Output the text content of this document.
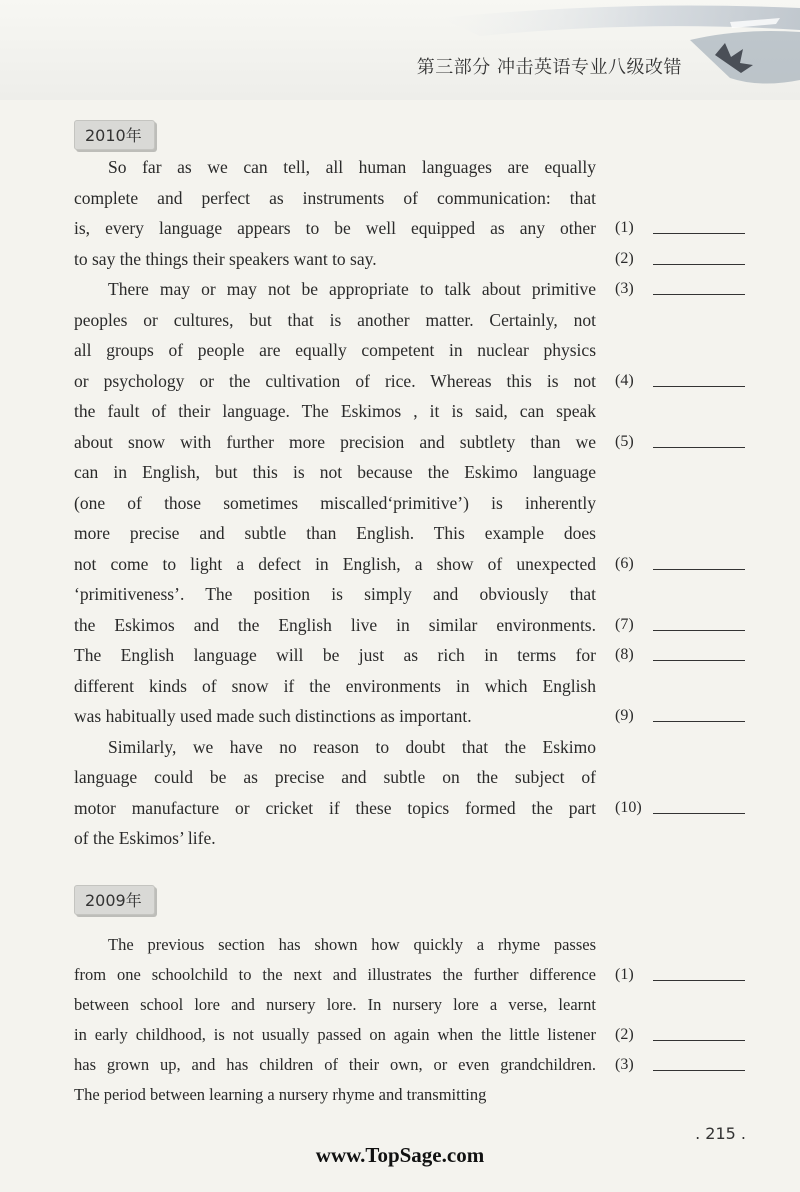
第三部分 冲击英语专业八级改错
2010年
So far as we can tell, all human languages are equally
complete and perfect as instruments of communication: that
is, every language appears to be well equipped as any other (1)
to say the things their speakers want to say.	(2)
There may or may not be appropriate to talk about primitive (3)
peoples or cultures, but that is another matter. Certainly, not
all groups of people are equally competent in nuclear physics
or psychology or the cultivation of rice. Whereas this is not (4)
the fault of their language. The Eskimos , it is said, can speak
about snow with further more precision and subtlety than we (5)
can in English, but this is not because the Eskimo language
(one of those sometimes miscalled‘primitive’) is inherently
more precise and subtle than English. This example does
not come to light a defect in English, a show of unexpected (6)
‘primitiveness’. The position is simply and obviously that
the Eskimos and the English live in similar environments. (7)
The English language will be just as rich in terms for (8)
different kinds of snow if the environments in which English
was habitually used made such distinctions as important.	(9)
Similarly, we have no reason to doubt that the Eskimo
language could be as precise and subtle on the subject of
motor manufacture or cricket if these topics formed the part (10)
of the Eskimos’ life.
2009年
The previous section has shown how quickly a rhyme passes
from one schoolchild to the next and illustrates the further difference (1)
between school lore and nursery lore. In nursery lore a verse, learnt
in early childhood, is not usually passed on again when the little listener (2)
has grown up, and has children of their own, or even grandchildren. (3)
The period between learning a nursery rhyme and transmitting
. 215 .
www.TopSage.com
